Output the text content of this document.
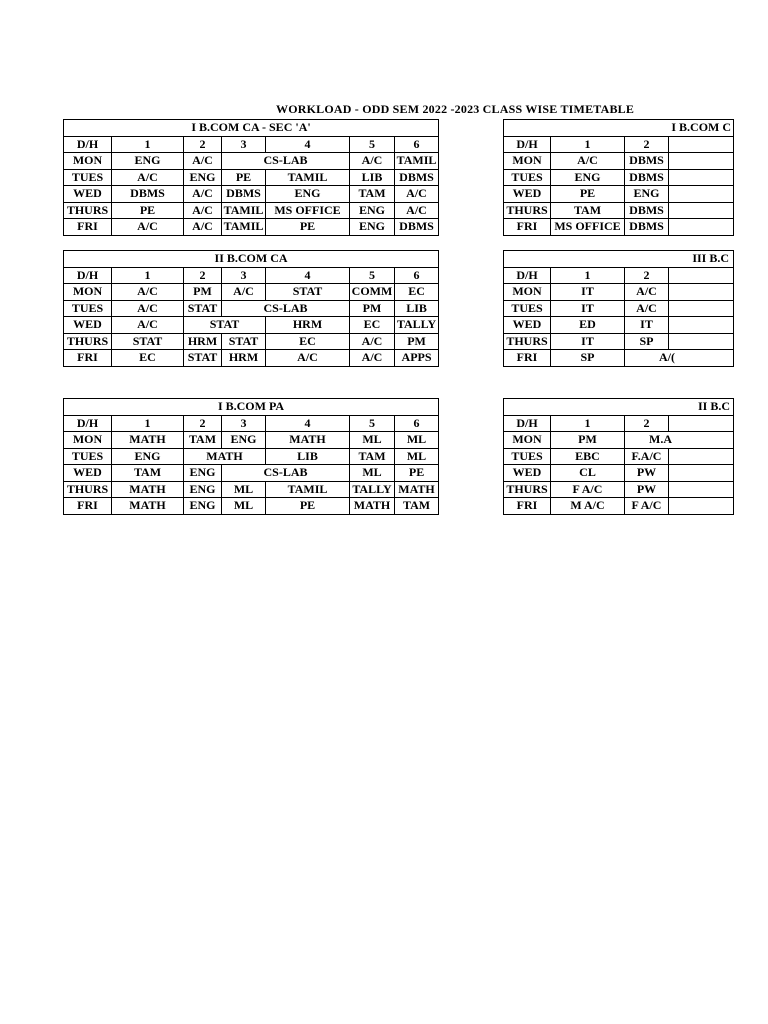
WORKLOAD - ODD SEM 2022 -2023 CLASS WISE TIMETABLE
I B.COM CA - SEC 'A'						
D/H	1	2	3	4	5	6
MON	ENG	A/C	CS-LAB		A/C	TAMIL
TUES	A/C	ENG	PE	TAMIL	LIB	DBMS
WED	DBMS	A/C	DBMS	ENG	TAM	A/C
THURS	PE	A/C	TAMIL	MS OFFICE	ENG	A/C
FRI	A/C	A/C	TAMIL	PE	ENG	DBMS
II B.COM CA						
D/H	1	2	3	4	5	6
MON	A/C	PM	A/C	STAT	COMM	EC
TUES	A/C	STAT	CS-LAB		PM	LIB
WED	A/C	STAT		HRM	EC	TALLY
THURS	STAT	HRM	STAT	EC	A/C	PM
FRI	EC	STAT	HRM	A/C	A/C	APPS
I B.COM PA						
D/H	1	2	3	4	5	6
MON	MATH	TAM	ENG	MATH	ML	ML
TUES	ENG	MATH		LIB	TAM	ML
WED	TAM	ENG	CS-LAB		ML	PE
THURS	MATH	ENG	ML	TAMIL	TALLY	MATH
FRI	MATH	ENG	ML	PE	MATH	TAM
I B.COM C			
D/H	1	2	
MON	A/C	DBMS	
TUES	ENG	DBMS	
WED	PE	ENG	
THURS	TAM	DBMS	
FRI	MS OFFICE	DBMS	
III B.C			
D/H	1	2	
MON	IT	A/C	
TUES	IT	A/C	
WED	ED	IT	
THURS	IT	SP	
FRI	SP	A/(	
II B.C			
D/H	1	2	
MON	PM	M.A	
TUES	EBC	F.A/C	
WED	CL	PW	
THURS	F A/C	PW	
FRI	M A/C	F A/C	
